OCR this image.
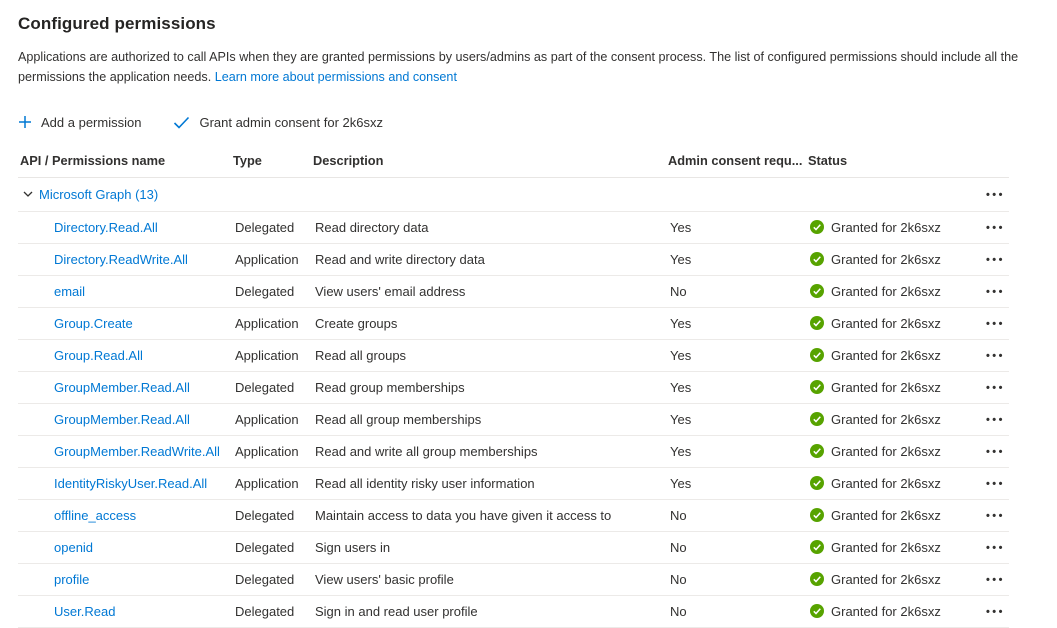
Configured permissions

Applications are authorized to call APIs when they are granted permissions by users/admins as part of the consent process. The list of configured permissions should include all the permissions the application needs. Learn more about permissions and consent

Add a permission	Grant admin consent for 2k6sxz
API / Permissions name	Type	Description	Admin consent requ...	Status	

Microsoft Graph (13)					•••
Directory.Read.All	Delegated	Read directory data	Yes	Granted for 2k6sxz	•••
Directory.ReadWrite.All	Application	Read and write directory data	Yes	Granted for 2k6sxz	•••
email	Delegated	View users' email address	No	Granted for 2k6sxz	•••
Group.Create	Application	Create groups	Yes	Granted for 2k6sxz	•••
Group.Read.All	Application	Read all groups	Yes	Granted for 2k6sxz	•••
GroupMember.Read.All	Delegated	Read group memberships	Yes	Granted for 2k6sxz	•••
GroupMember.Read.All	Application	Read all group memberships	Yes	Granted for 2k6sxz	•••
GroupMember.ReadWrite.All	Application	Read and write all group memberships	Yes	Granted for 2k6sxz	•••
IdentityRiskyUser.Read.All	Application	Read all identity risky user information	Yes	Granted for 2k6sxz	•••
offline_access	Delegated	Maintain access to data you have given it access to	No	Granted for 2k6sxz	•••
openid	Delegated	Sign users in	No	Granted for 2k6sxz	•••
profile	Delegated	View users' basic profile	No	Granted for 2k6sxz	•••
User.Read	Delegated	Sign in and read user profile	No	Granted for 2k6sxz	•••
